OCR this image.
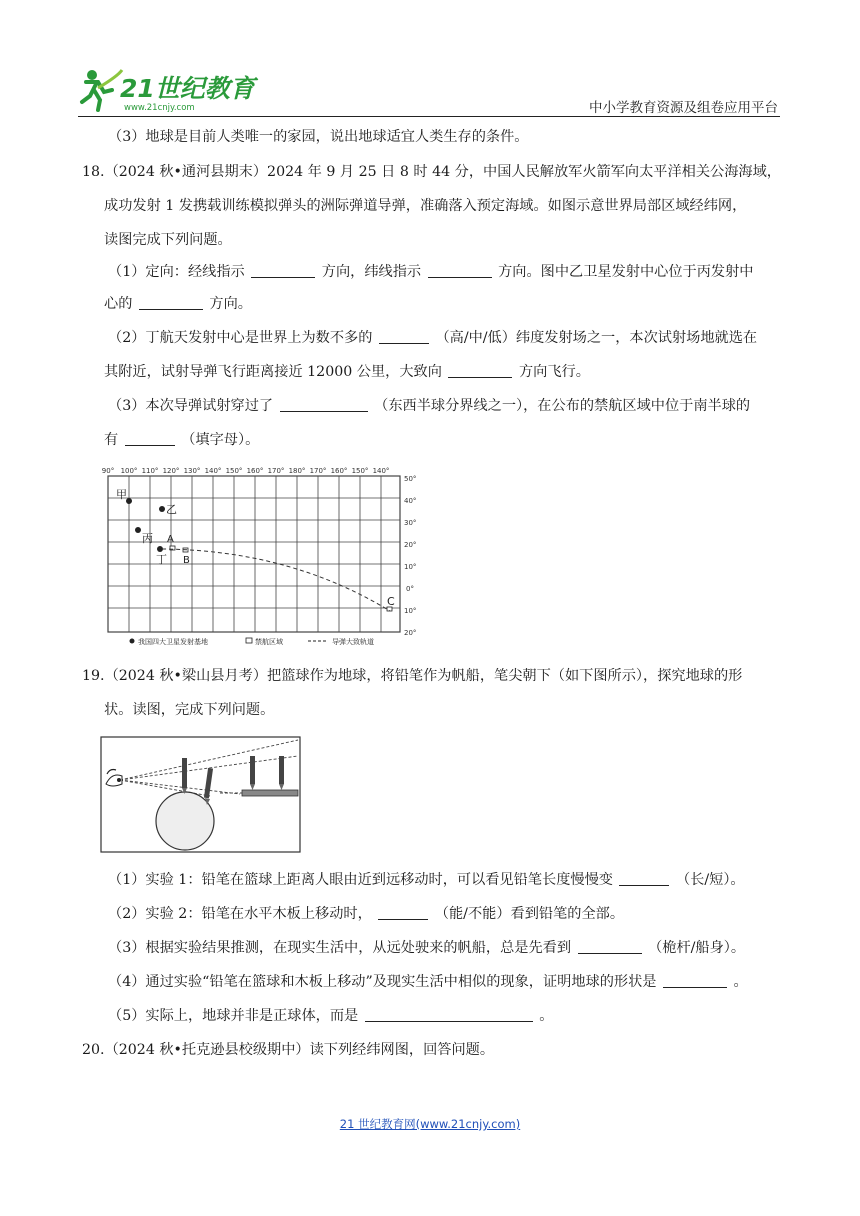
21世纪教育
www.21cnjy.com	中小学教育资源及组卷应用平台
（3）地球是目前人类唯一的家园，说出地球适宜人类生存的条件。
18.（2024 秋•通河县期末）2024 年 9 月 25 日 8 时 44 分，中国人民解放军火箭军向太平洋相关公海海域，
成功发射 1 发携载训练模拟弹头的洲际弹道导弹，准确落入预定海域。如图示意世界局部区域经纬网，
读图完成下列问题。
（1）定向：经线指示	方向，纬线指示	方向。图中乙卫星发射中心位于丙发射中
心的	方向。
（2）丁航天发射中心是世界上为数不多的	（高/中/低）纬度发射场之一，本次试射场地就选在
其附近，试射导弹飞行距离接近 12000 公里，大致向	方向飞行。
（3）本次导弹试射穿过了	（东西半球分界线之一），在公布的禁航区域中位于南半球的
有	（填字母）。
90° 100° 110° 120° 130° 140° 150° 160° 170° 180° 170° 160° 150° 140°
50°
40°
30°
20°
10°
0°
10°
20°
甲
乙
丙
丁
A
B
C
我国四大卫星发射基地	禁航区域	导弹大致轨道
19.（2024 秋•梁山县月考）把篮球作为地球，将铅笔作为帆船，笔尖朝下（如下图所示），探究地球的形
状。读图，完成下列问题。
（1）实验 1：铅笔在篮球上距离人眼由近到远移动时，可以看见铅笔长度慢慢变	（长/短）。
（2）实验 2：铅笔在水平木板上移动时，	（能/不能）看到铅笔的全部。
（3）根据实验结果推测，在现实生活中，从远处驶来的帆船，总是先看到	（桅杆/船身）。
（4）通过实验“铅笔在篮球和木板上移动”及现实生活中相似的现象，证明地球的形状是	。
（5）实际上，地球并非是正球体，而是	。
20.（2024 秋•托克逊县校级期中）读下列经纬网图，回答问题。
21 世纪教育网(www.21cnjy.com)
